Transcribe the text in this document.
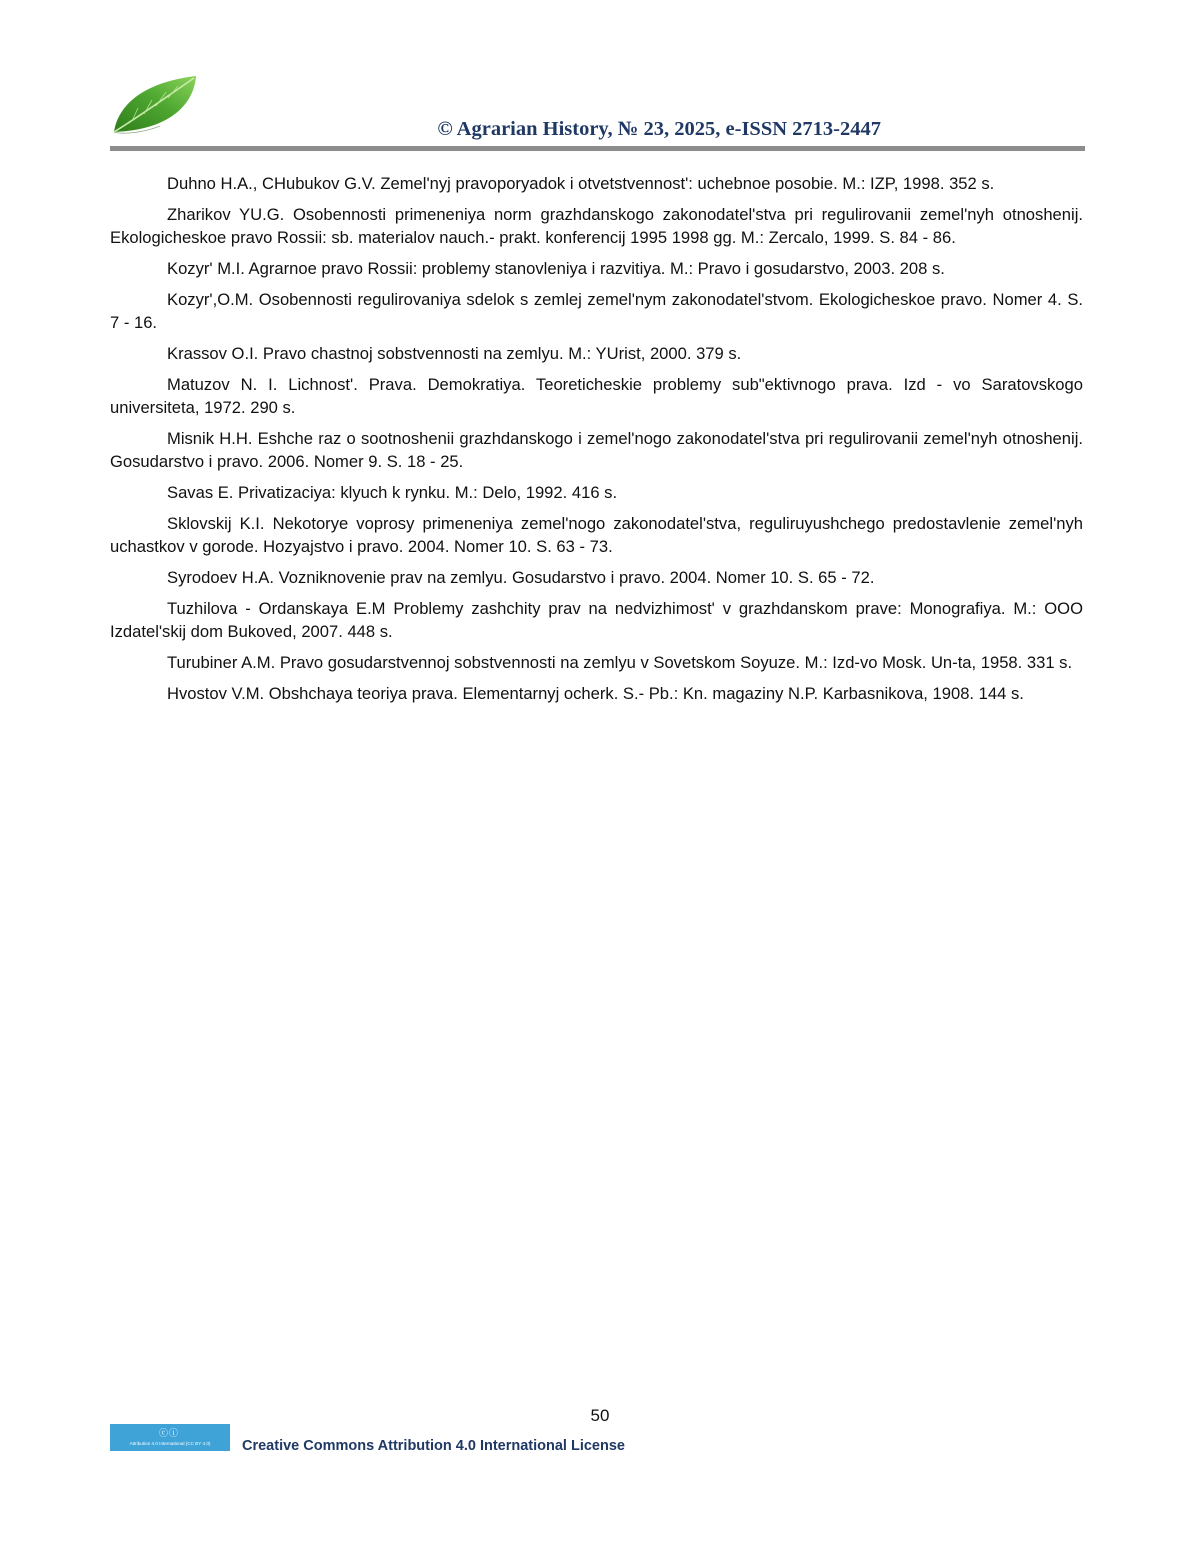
© Agrarian History, № 23, 2025, e-ISSN 2713-2447

Duhno H.A., CHubukov G.V. Zemel'nyj pravoporyadok i otvetstvennost': uchebnoe posobie. M.: IZP, 1998. 352 s.

Zharikov YU.G. Osobennosti primeneniya norm grazhdanskogo zakonodatel'stva pri regulirovanii zemel'nyh otnoshenij. Ekologicheskoe pravo Rossii: sb. materialov nauch.- prakt. konferencij 1995 1998 gg. M.: Zercalo, 1999. S. 84 - 86.

Kozyr' M.I. Agrarnoe pravo Rossii: problemy stanovleniya i razvitiya. M.: Pravo i gosudarstvo, 2003. 208 s.

Kozyr',O.M. Osobennosti regulirovaniya sdelok s zemlej zemel'nym zakonodatel'stvom. Ekologicheskoe pravo. Nomer 4. S. 7 - 16.

Krassov O.I. Pravo chastnoj sobstvennosti na zemlyu. M.: YUrist, 2000. 379 s.

Matuzov N. I. Lichnost'. Prava. Demokratiya. Teoreticheskie problemy sub"ektivnogo prava. Izd - vo Saratovskogo universiteta, 1972. 290 s.

Misnik H.H. Eshche raz o sootnoshenii grazhdanskogo i zemel'nogo zakonodatel'stva pri regulirovanii zemel'nyh otnoshenij. Gosudarstvo i pravo. 2006. Nomer 9. S. 18 - 25.

Savas E. Privatizaciya: klyuch k rynku. M.: Delo, 1992. 416 s.

Sklovskij K.I. Nekotorye voprosy primeneniya zemel'nogo zakonodatel'stva, reguliruyushchego predostavlenie zemel'nyh uchastkov v gorode. Hozyajstvo i pravo. 2004. Nomer 10. S. 63 - 73.

Syrodoev H.A. Vozniknovenie prav na zemlyu. Gosudarstvo i pravo. 2004. Nomer 10. S. 65 - 72.

Tuzhilova - Ordanskaya E.M Problemy zashchity prav na nedvizhimost' v grazhdanskom prave: Monografiya. M.: OOO Izdatel'skij dom Bukoved, 2007. 448 s.

Turubiner A.M. Pravo gosudarstvennoj sobstvennosti na zemlyu v Sovetskom Soyuze. M.: Izd-vo Mosk. Un-ta, 1958. 331 s.

Hvostov V.M. Obshchaya teoriya prava. Elementarnyj ocherk. S.- Pb.: Kn. magaziny N.P. Karbasnikova, 1908. 144 s.

50
ⓒⓘ
Attribution 4.0 International (CC BY 4.0)	Creative Commons Attribution 4.0 International License
